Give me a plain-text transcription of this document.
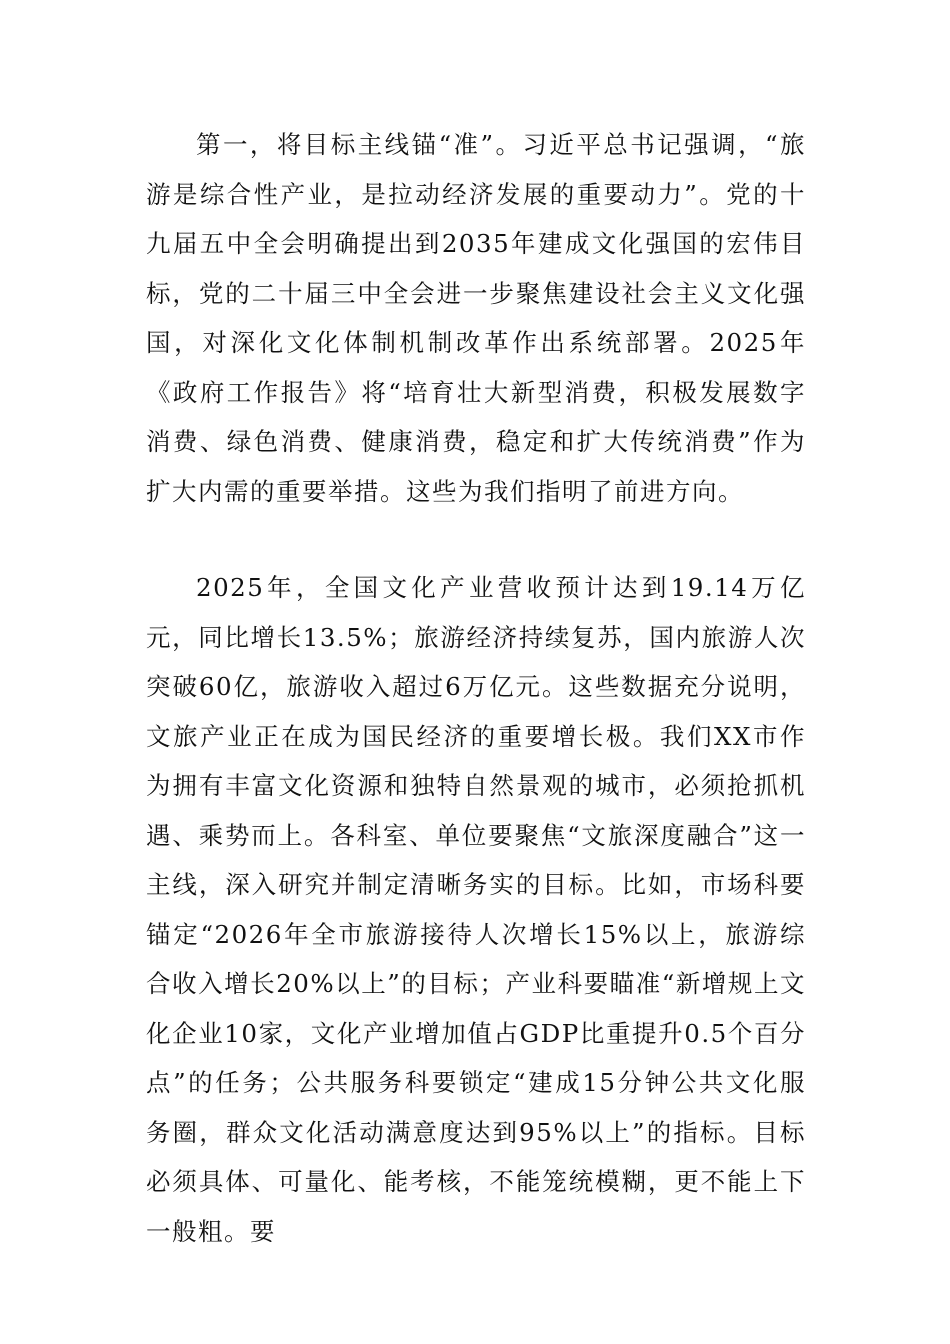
第一，将目标主线锚“准”。习近平总书记强调，“旅游是综合性产业，是拉动经济发展的重要动力”。党的十九届五中全会明确提出到2035年建成文化强国的宏伟目标，党的二十届三中全会进一步聚焦建设社会主义文化强国，对深化文化体制机制改革作出系统部署。2025年《政府工作报告》将“培育壮大新型消费，积极发展数字消费、绿色消费、健康消费，稳定和扩大传统消费”作为扩大内需的重要举措。这些为我们指明了前进方向。

2025年，全国文化产业营收预计达到19.14万亿元，同比增长13.5%；旅游经济持续复苏，国内旅游人次突破60亿，旅游收入超过6万亿元。这些数据充分说明，文旅产业正在成为国民经济的重要增长极。我们XX市作为拥有丰富文化资源和独特自然景观的城市，必须抢抓机遇、乘势而上。各科室、单位要聚焦“文旅深度融合”这一主线，深入研究并制定清晰务实的目标。比如，市场科要锚定“2026年全市旅游接待人次增长15%以上，旅游综合收入增长20%以上”的目标；产业科要瞄准“新增规上文化企业10家，文化产业增加值占GDP比重提升0.5个百分点”的任务；公共服务科要锁定“建成15分钟公共文化服务圈，群众文化活动满意度达到95%以上”的指标。目标必须具体、可量化、能考核，不能笼统模糊，更不能上下一般粗。要
